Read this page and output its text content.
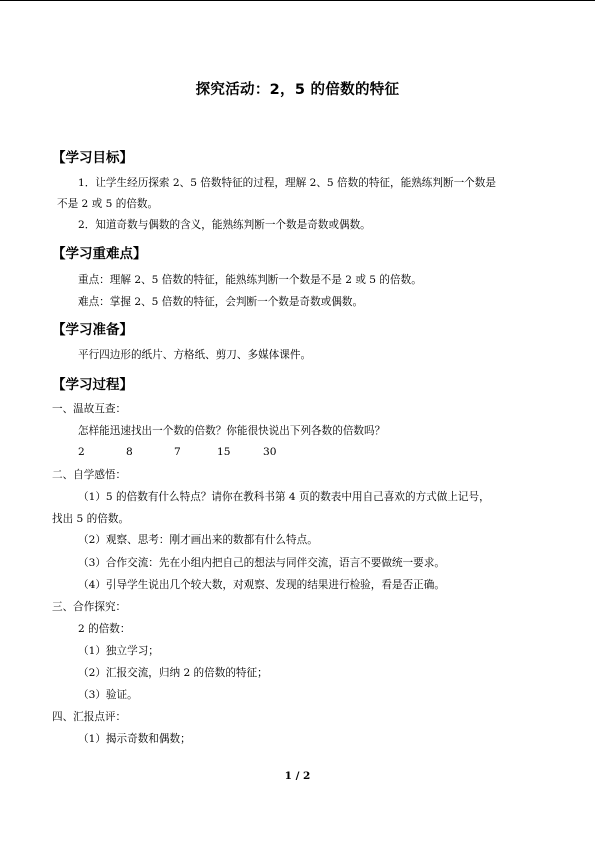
探究活动：2，5 的倍数的特征
【学习目标】
1．让学生经历探索 2、5 倍数特征的过程，理解 2、5 倍数的特征，能熟练判断一个数是
不是 2 或 5 的倍数。
2．知道奇数与偶数的含义，能熟练判断一个数是奇数或偶数。
【学习重难点】
重点：理解 2、5 倍数的特征，能熟练判断一个数是不是 2 或 5 的倍数。
难点：掌握 2、5 倍数的特征，会判断一个数是奇数或偶数。
【学习准备】
平行四边形的纸片、方格纸、剪刀、多媒体课件。
【学习过程】
一、温故互查：
怎样能迅速找出一个数的倍数？你能很快说出下列各数的倍数吗？
2	8	7	15	30
二、自学感悟：
（1）5 的倍数有什么特点？请你在教科书第 4 页的数表中用自己喜欢的方式做上记号，
找出 5 的倍数。
（2）观察、思考：刚才画出来的数都有什么特点。
（3）合作交流：先在小组内把自己的想法与同伴交流，语言不要做统一要求。
（4）引导学生说出几个较大数，对观察、发现的结果进行检验，看是否正确。
三、合作探究：
2 的倍数：
（1）独立学习；
（2）汇报交流，归纳 2 的倍数的特征；
（3）验证。
四、汇报点评：
（1）揭示奇数和偶数；
1 / 2
